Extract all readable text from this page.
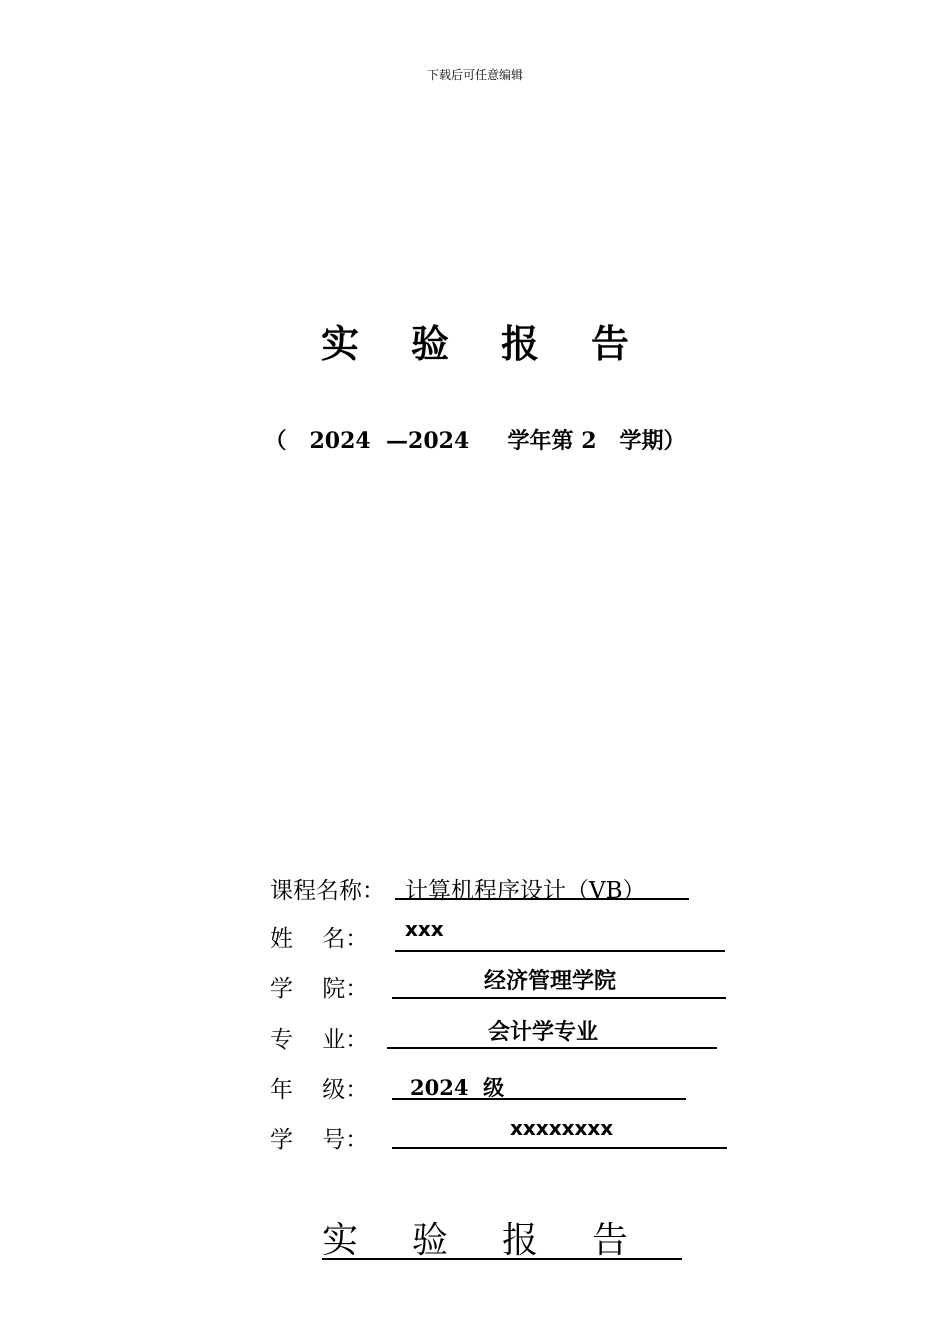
下载后可任意编辑
实验报告
（   2024  —2024     学年第 2   学期）
课程名称： 计算机程序设计（VB）
姓    名： xxx
学    院：	经济管理学院
专    业：	会计学专业
年    级： 2024  级
学    号：	xxxxxxxx
实验报告
